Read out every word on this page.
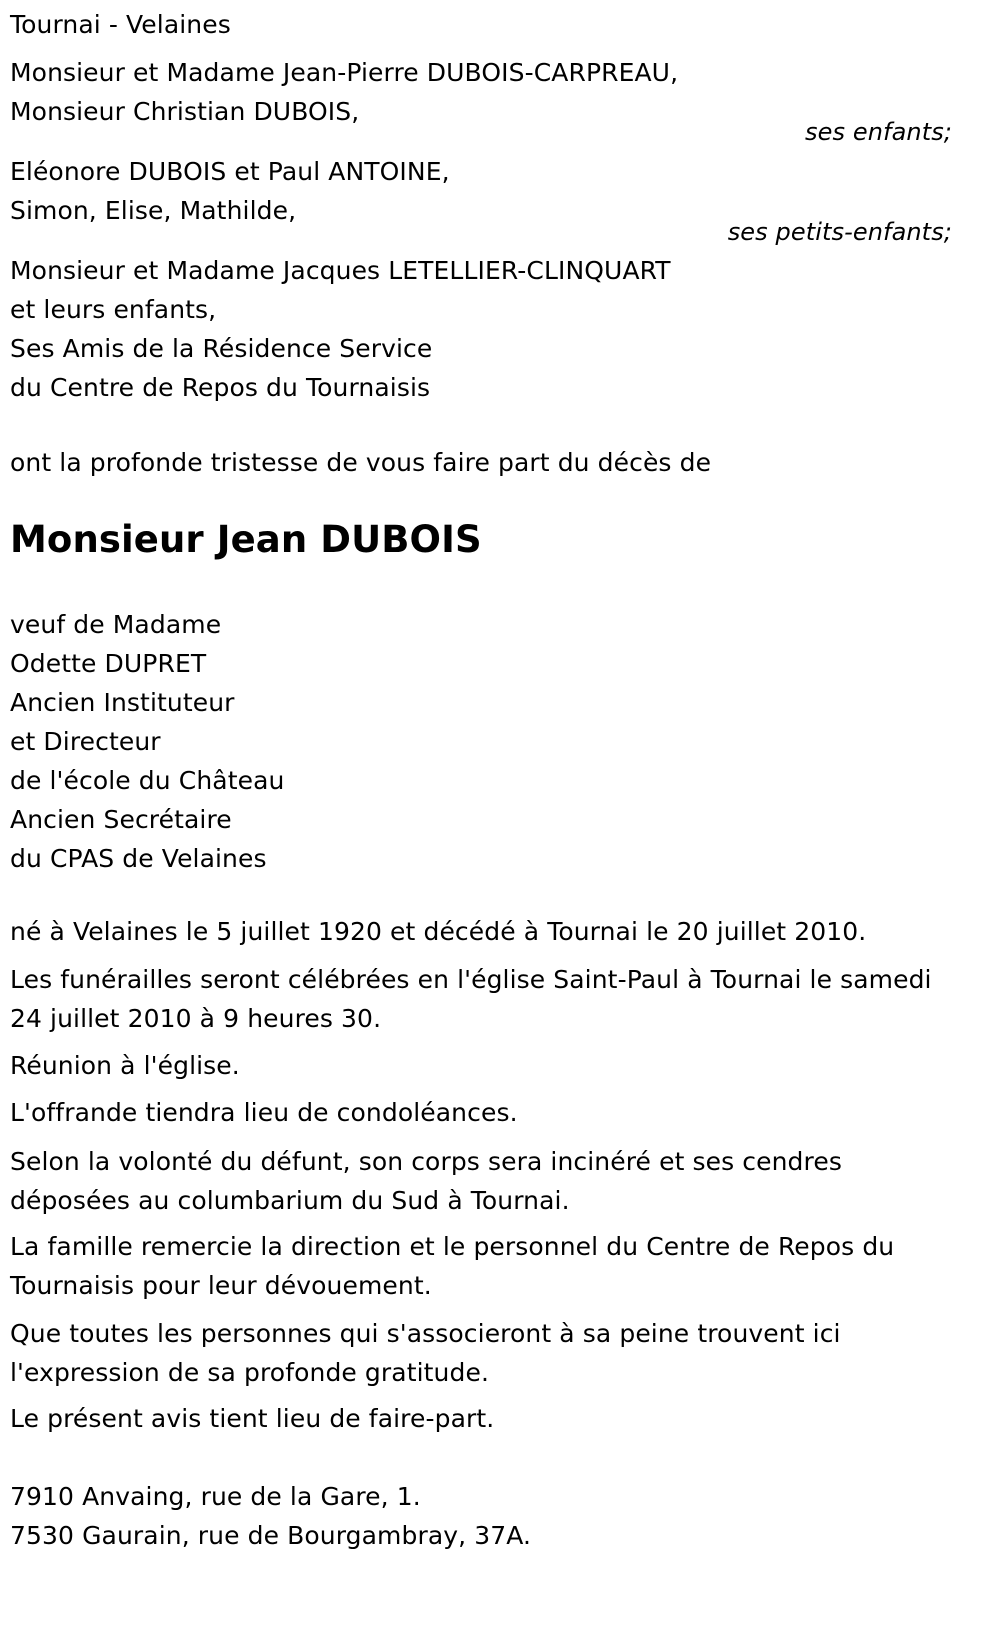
Tournai - Velaines
Monsieur et Madame Jean-Pierre DUBOIS-CARPREAU,
Monsieur Christian DUBOIS,
ses enfants;
Eléonore DUBOIS et Paul ANTOINE,
Simon, Elise, Mathilde,
ses petits-enfants;
Monsieur et Madame Jacques LETELLIER-CLINQUART
et leurs enfants,
Ses Amis de la Résidence Service
du Centre de Repos du Tournaisis
ont la profonde tristesse de vous faire part du décès de
Monsieur Jean DUBOIS
veuf de Madame
Odette DUPRET
Ancien Instituteur
et Directeur
de l'école du Château
Ancien Secrétaire
du CPAS de Velaines
né à Velaines le 5 juillet 1920 et décédé à Tournai le 20 juillet 2010.
Les funérailles seront célébrées en l'église Saint-Paul à Tournai le samedi 24 juillet 2010 à 9 heures 30.
Réunion à l'église.
L'offrande tiendra lieu de condoléances.
Selon la volonté du défunt, son corps sera inciné​ré et ses cendres déposées au columbarium du Sud à Tournai.
La famille remercie la direction et le personnel du Centre de Repos du Tournaisis pour leur dévouement.
Que toutes les personnes qui s'associeront à sa peine trouvent ici l'expression de sa profonde gratitude.
Le présent avis tient lieu de faire-part.
7910 Anvaing, rue de la Gare, 1.
7530 Gaurain, rue de Bourgambray, 37A.
